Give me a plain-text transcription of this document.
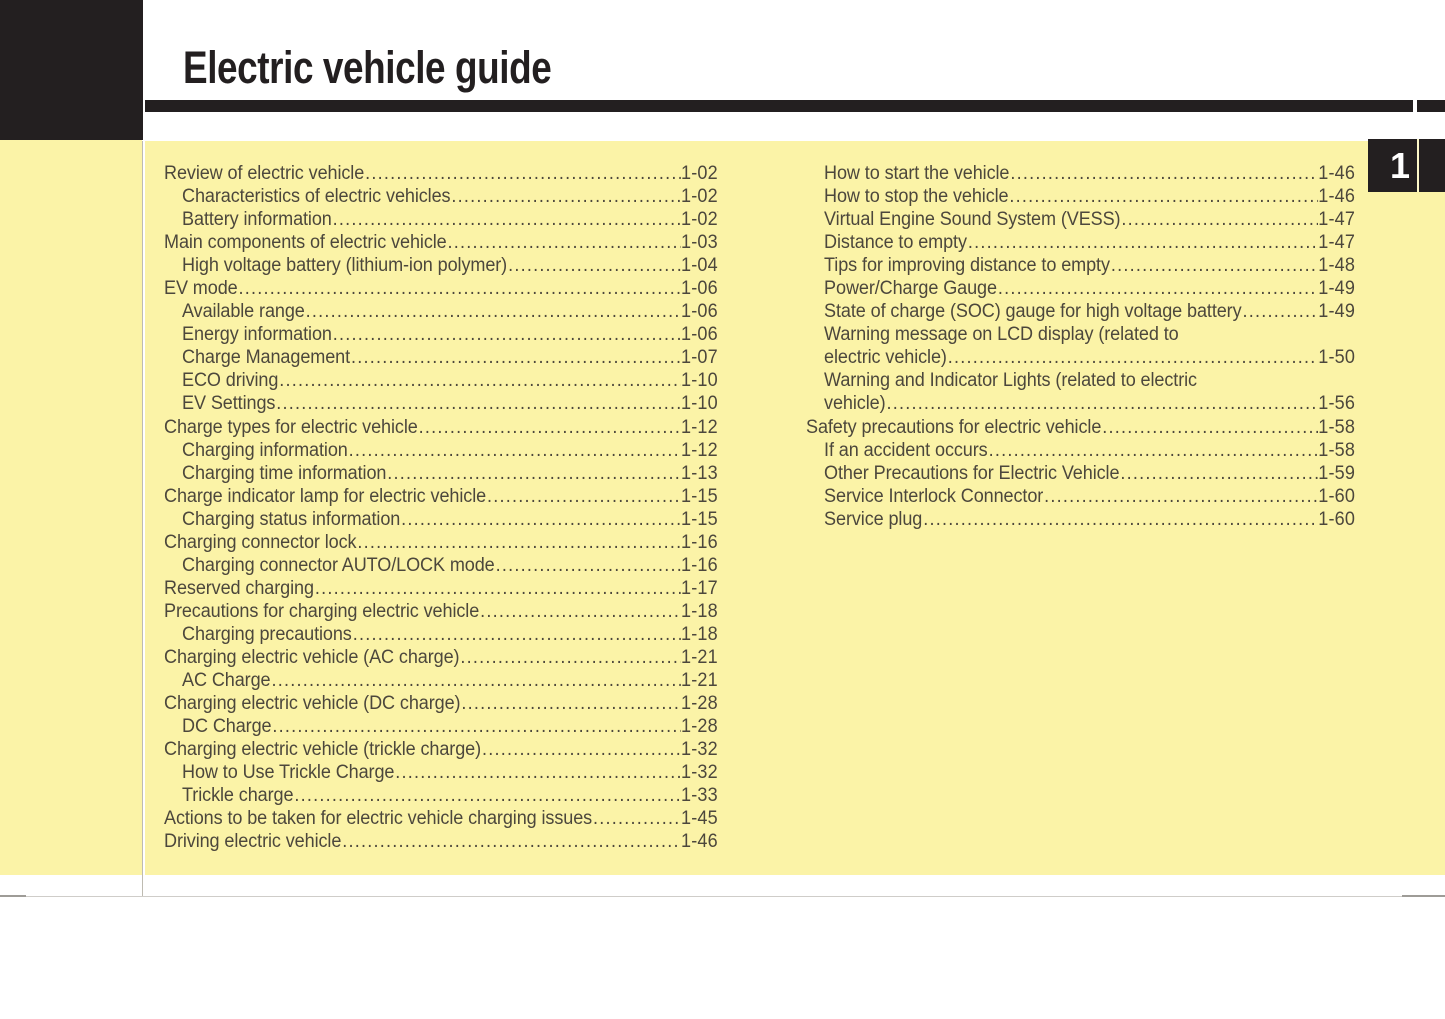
Electric vehicle guide
1
Review of electric vehicle .....	1-02
Characteristics of electric vehicles .....	1-02
Battery information .....	1-02
Main components of electric vehicle .....	1-03
High voltage battery (lithium-ion polymer) .....	1-04
EV mode .....	1-06
Available range .....	1-06
Energy information .....	1-06
Charge Management .....	1-07
ECO driving .....	1-10
EV Settings .....	1-10
Charge types for electric vehicle .....	1-12
Charging information .....	1-12
Charging time information .....	1-13
Charge indicator lamp for electric vehicle .....	1-15
Charging status information .....	1-15
Charging connector lock .....	1-16
Charging connector AUTO/LOCK mode .....	1-16
Reserved charging .....	1-17
Precautions for charging electric vehicle .....	1-18
Charging precautions .....	1-18
Charging electric vehicle (AC charge) .....	1-21
AC Charge .....	1-21
Charging electric vehicle (DC charge) .....	1-28
DC Charge .....	1-28
Charging electric vehicle (trickle charge) .....	1-32
How to Use Trickle Charge .....	1-32
Trickle charge .....	1-33
Actions to be taken for electric vehicle charging issues .....	1-45
Driving electric vehicle .....	1-46
How to start the vehicle .....	1-46
How to stop the vehicle .....	1-46
Virtual Engine Sound System (VESS) .....	1-47
Distance to empty .....	1-47
Tips for improving distance to empty .....	1-48
Power/Charge Gauge .....	1-49
State of charge (SOC) gauge for high voltage battery .....	1-49
Warning message on LCD display (related to
electric vehicle) .....	1-50
Warning and Indicator Lights (related to electric
vehicle) .....	1-56
Safety precautions for electric vehicle .....	1-58
If an accident occurs .....	1-58
Other Precautions for Electric Vehicle .....	1-59
Service Interlock Connector .....	1-60
Service plug .....	1-60
